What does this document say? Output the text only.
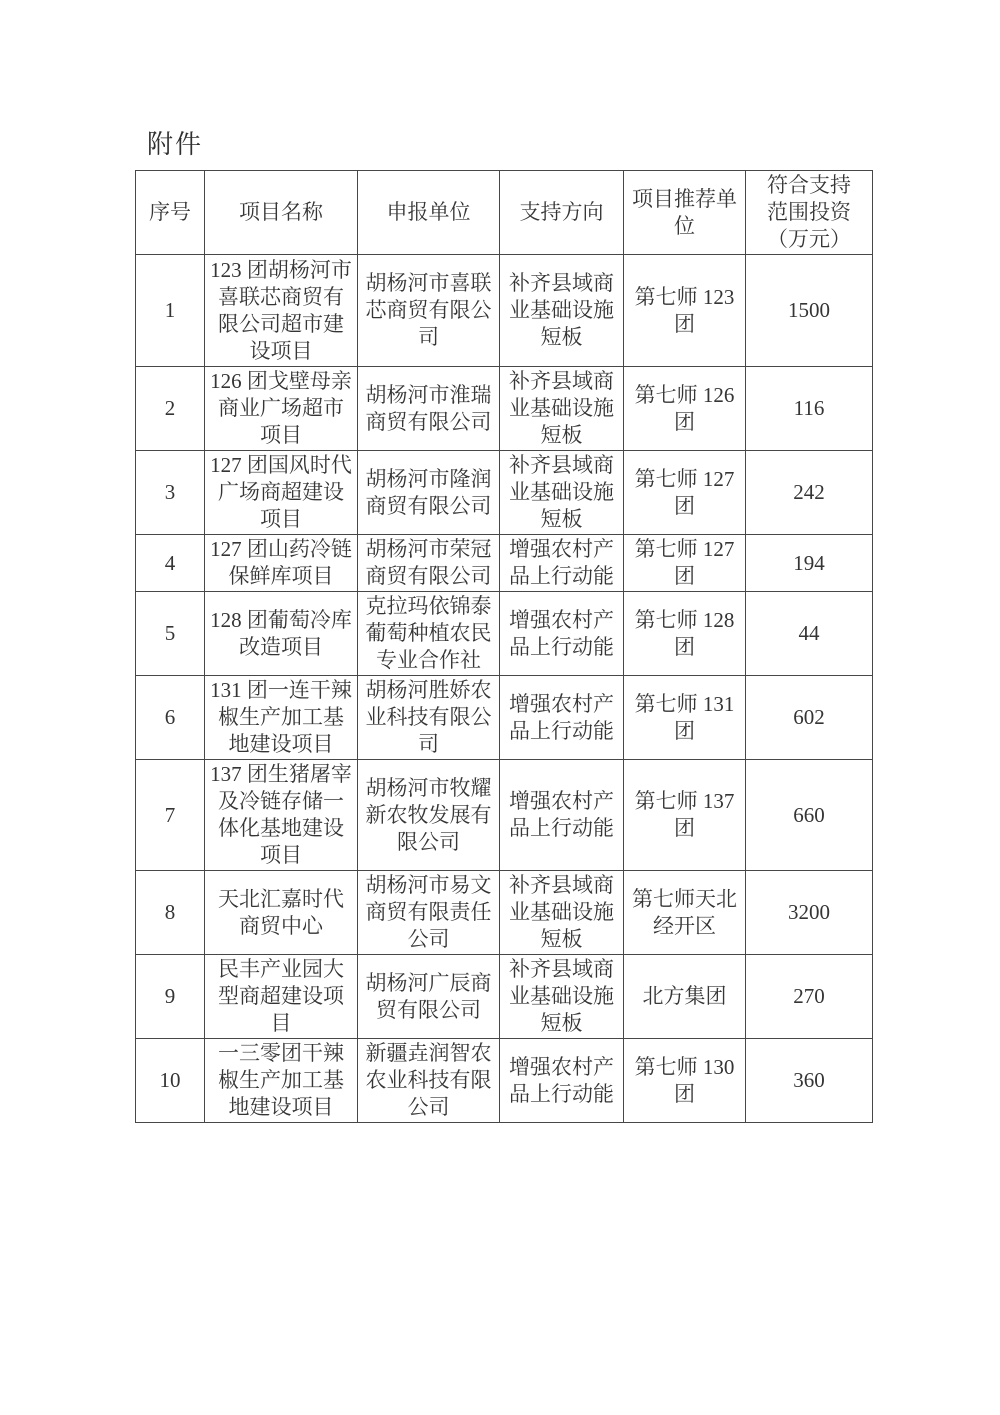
附件
序号	项目名称	申报单位	支持方向	项目推荐单位	符合支持范围投资（万元）
1	123 团胡杨河市喜联芯商贸有限公司超市建设项目	胡杨河市喜联芯商贸有限公司	补齐县域商业基础设施短板	第七师 123 团	1500
2	126 团戈壁母亲商业广场超市项目	胡杨河市淮瑞商贸有限公司	补齐县域商业基础设施短板	第七师 126 团	116
3	127 团国风时代广场商超建设项目	胡杨河市隆润商贸有限公司	补齐县域商业基础设施短板	第七师 127 团	242
4	127 团山药冷链保鲜库项目	胡杨河市荣冠商贸有限公司	增强农村产品上行动能	第七师 127 团	194
5	128 团葡萄冷库改造项目	克拉玛依锦泰葡萄种植农民专业合作社	增强农村产品上行动能	第七师 128 团	44
6	131 团一连干辣椒生产加工基地建设项目	胡杨河胜娇农业科技有限公司	增强农村产品上行动能	第七师 131 团	602
7	137 团生猪屠宰及冷链存储一体化基地建设项目	胡杨河市牧耀新农牧发展有限公司	增强农村产品上行动能	第七师 137 团	660
8	天北汇嘉时代商贸中心	胡杨河市易文商贸有限责任公司	补齐县域商业基础设施短板	第七师天北经开区	3200
9	民丰产业园大型商超建设项目	胡杨河广辰商贸有限公司	补齐县域商业基础设施短板	北方集团	270
10	一三零团干辣椒生产加工基地建设项目	新疆垚润智农农业科技有限公司	增强农村产品上行动能	第七师 130 团	360
